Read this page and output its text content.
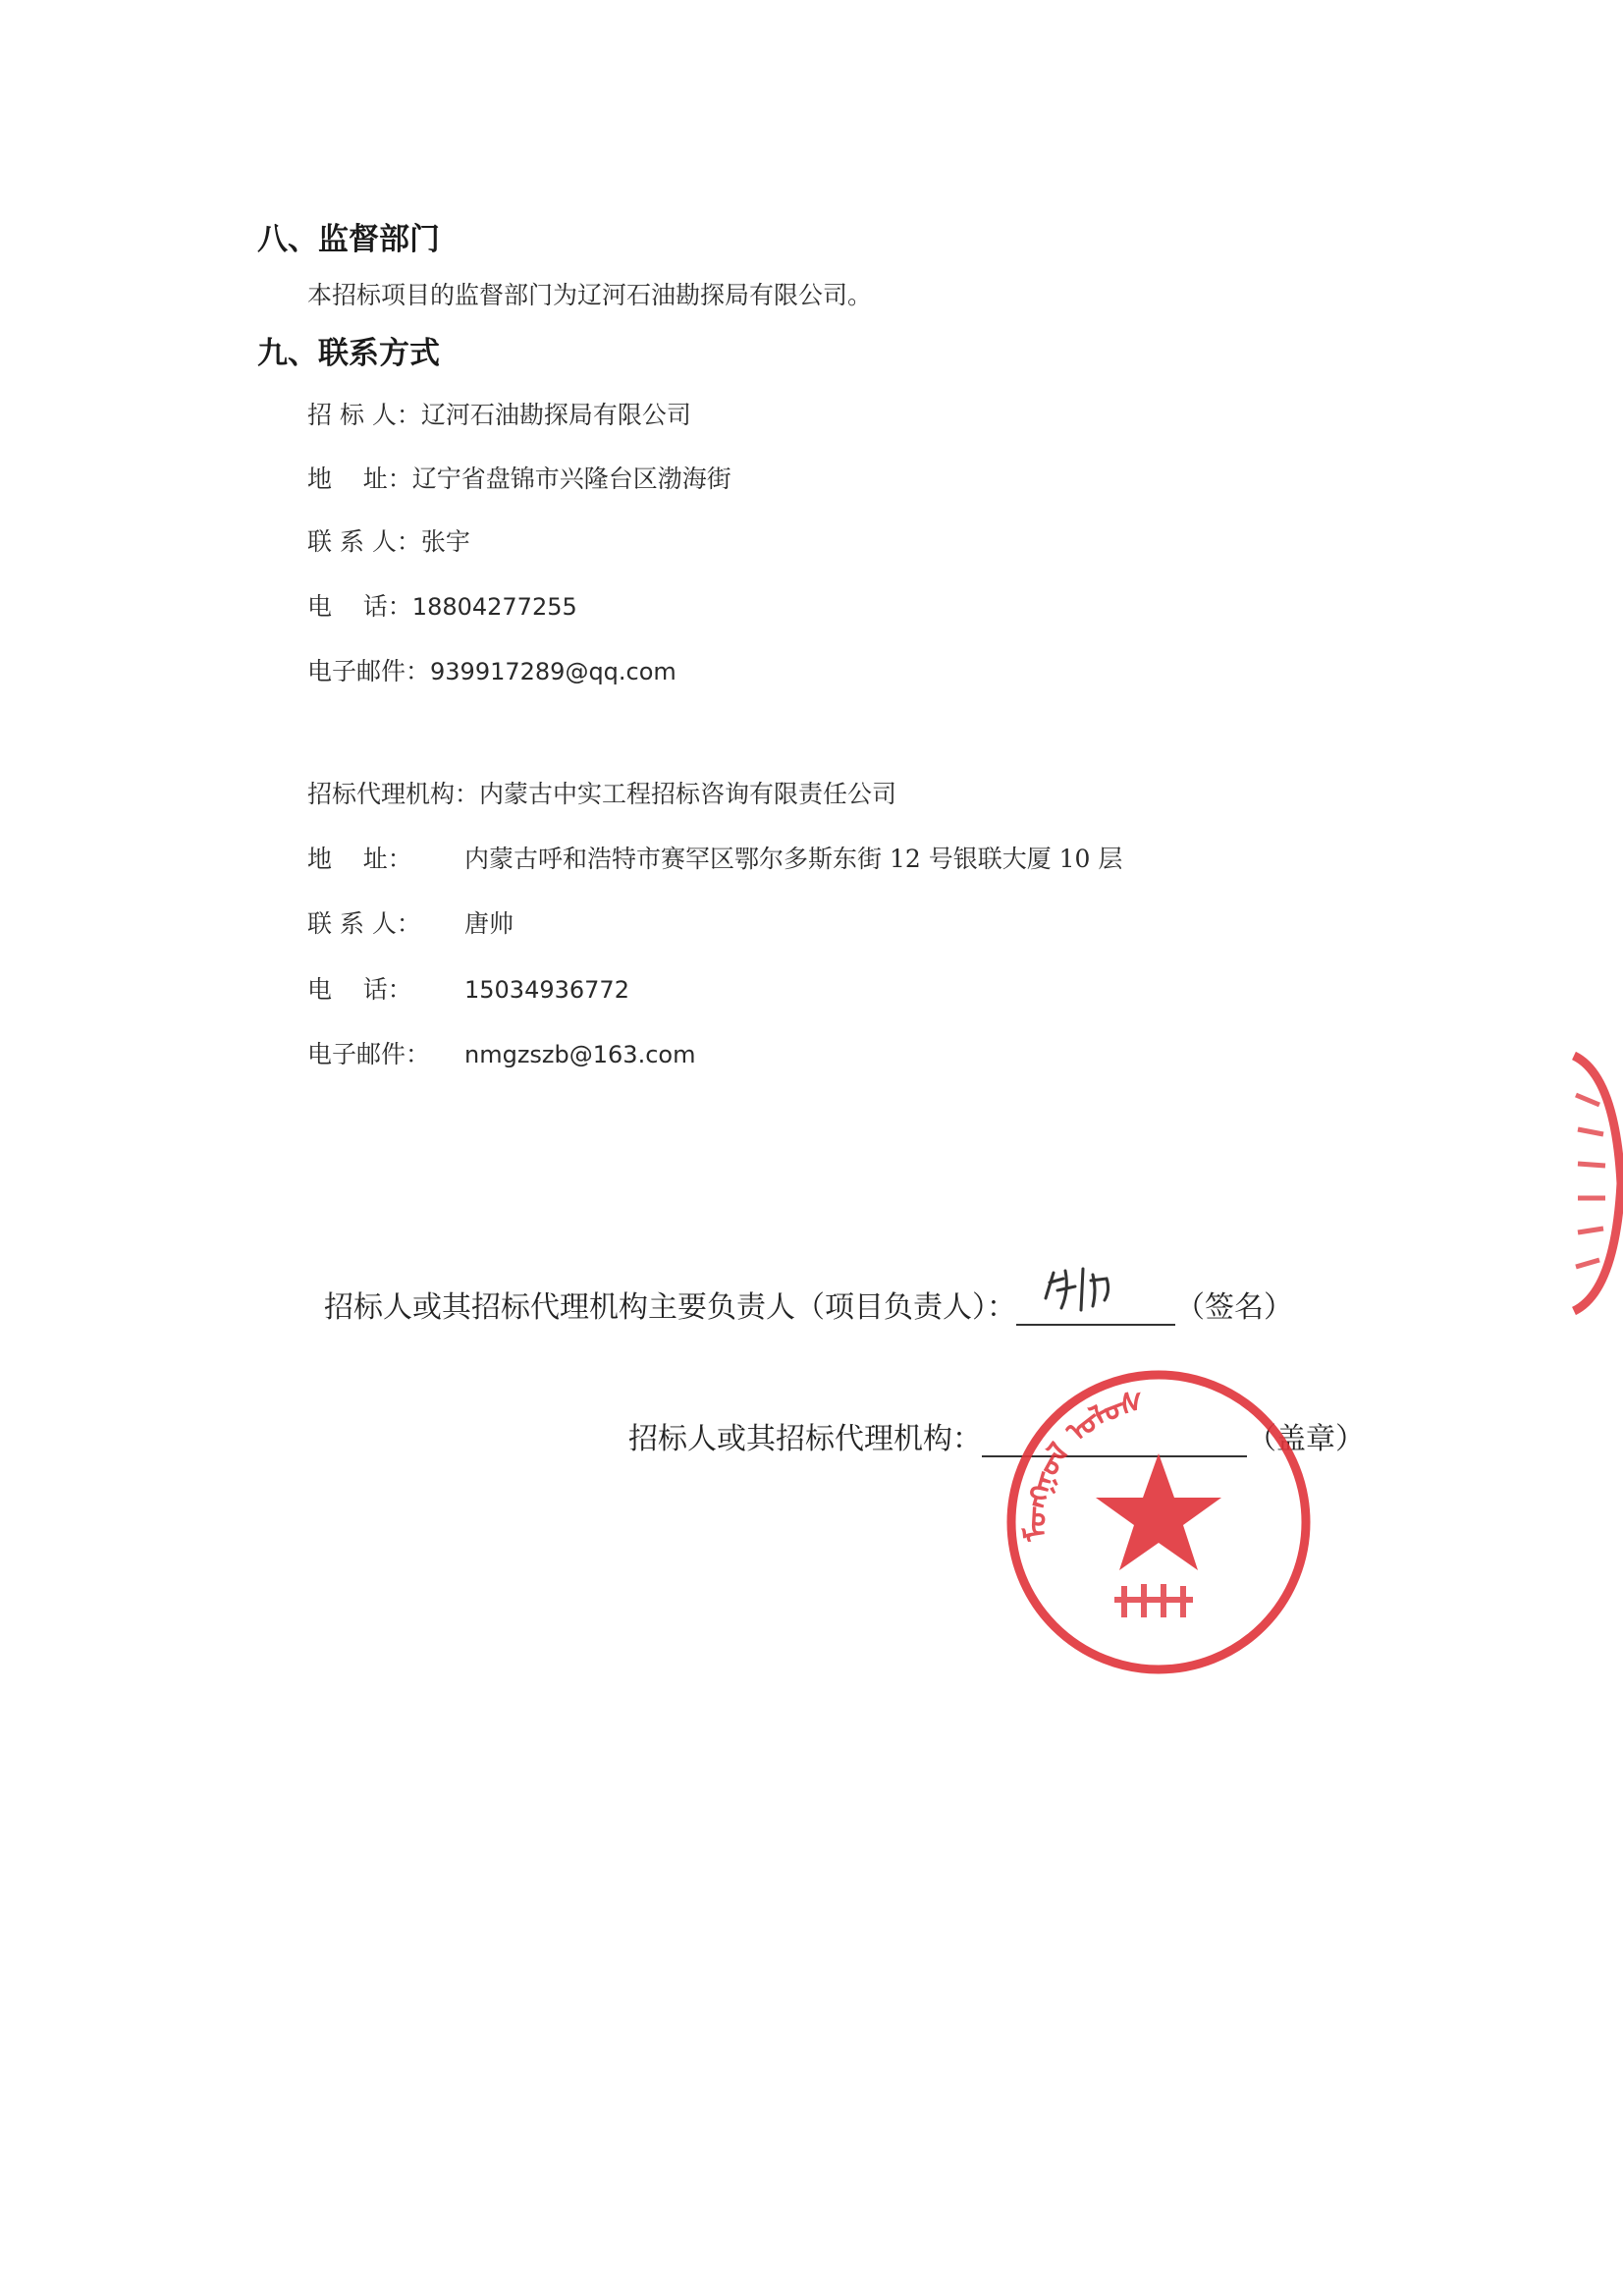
八、监督部门
本招标项目的监督部门为辽河石油勘探局有限公司。
九、联系方式
招 标 人：辽河石油勘探局有限公司
地    址：辽宁省盘锦市兴隆台区渤海街
联 系 人：张宇
电    话：18804277255
电子邮件：939917289@qq.com
招标代理机构：内蒙古中实工程招标咨询有限责任公司
地    址： 内蒙古呼和浩特市赛罕区鄂尔多斯东街 12 号银联大厦 10 层
联 系 人： 唐帅
电    话： 15034936772
电子邮件： nmgzszb@163.com
招标人或其招标代理机构主要负责人（项目负责人）：	（签名）
招标人或其招标代理机构：	（盖章）
ᠮᠣᠩᠭᠣᠯ ᠤᠯᠤᠰ
